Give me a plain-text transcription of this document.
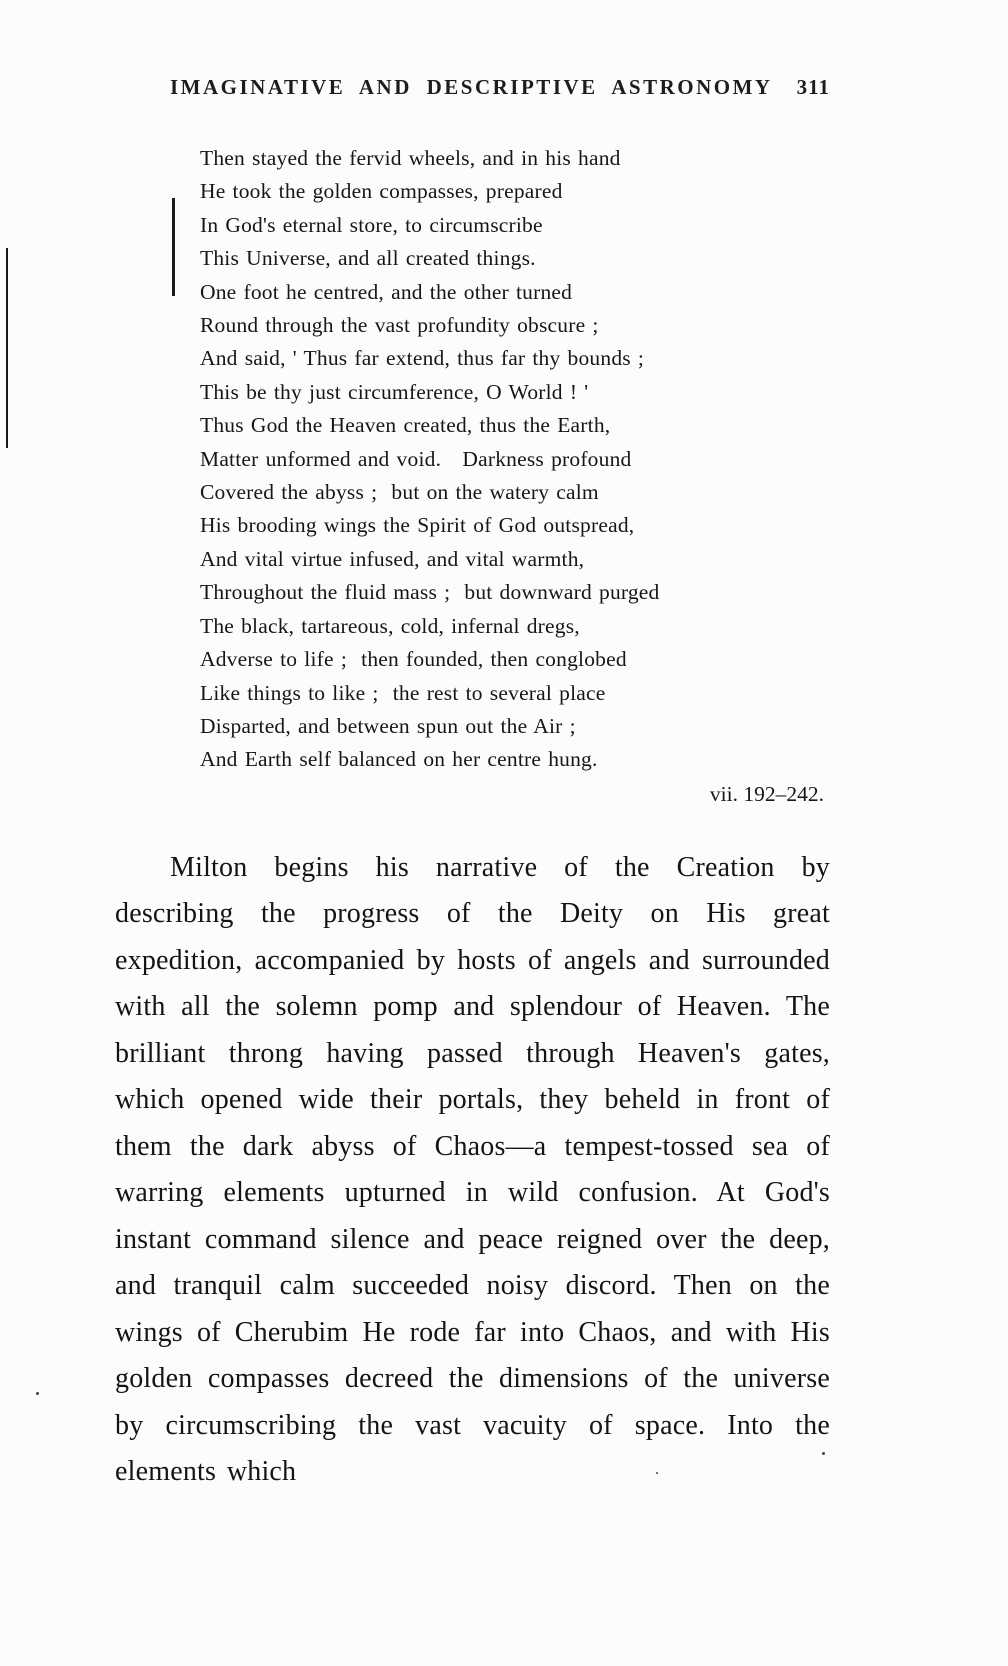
IMAGINATIVE AND DESCRIPTIVE ASTRONOMY 311
Then stayed the fervid wheels, and in his hand
He took the golden compasses, prepared
In God's eternal store, to circumscribe
This Universe, and all created things.
One foot he centred, and the other turned
Round through the vast profundity obscure ;
And said, ' Thus far extend, thus far thy bounds ;
This be thy just circumference, O World ! '
Thus God the Heaven created, thus the Earth,
Matter unformed and void.   Darkness profound
Covered the abyss ;  but on the watery calm
His brooding wings the Spirit of God outspread,
And vital virtue infused, and vital warmth,
Throughout the fluid mass ;  but downward purged
The black, tartareous, cold, infernal dregs,
Adverse to life ;  then founded, then conglobed
Like things to like ;  the rest to several place
Disparted, and between spun out the Air ;
And Earth self balanced on her centre hung.
vii. 192–242.

Milton begins his narrative of the Creation by describing the progress of the Deity on His great expedition, accompanied by hosts of angels and surrounded with all the solemn pomp and splendour of Heaven. The brilliant throng having passed through Heaven's gates, which opened wide their portals, they beheld in front of them the dark abyss of Chaos—a tempest-tossed sea of warring elements upturned in wild confusion. At God's instant command silence and peace reigned over the deep, and tranquil calm succeeded noisy discord. Then on the wings of Cherubim He rode far into Chaos, and with His golden compasses decreed the dimensions of the universe by circumscribing the vast vacuity of space. Into the elements which
